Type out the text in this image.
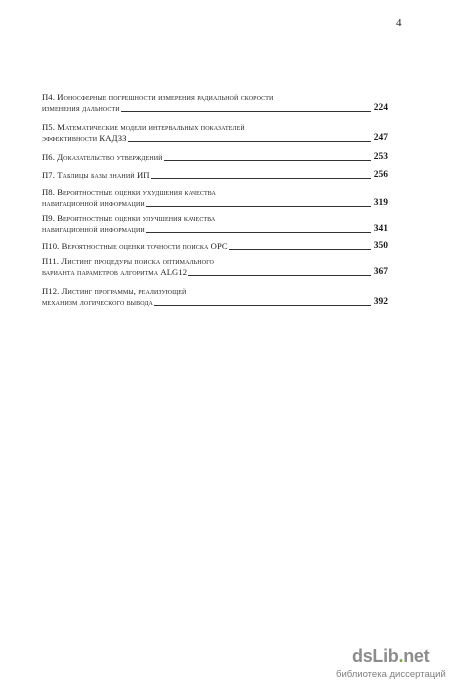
4
П4. Ионосферные погрешности измерения радиальной скорости
изменения дальности	224
П5. Математические модели интервальных показателей
эффективности КАДЗЗ	247
П6. Доказательство утверждений	253
П7. Таблицы базы знаний ИП	256
П8. Вероятностные оценки ухудшения качества
навигационной информации	319
П9. Вероятностные оценки улучшения качества
навигационной информации	341
П10. Вероятностные оценки точности поиска ОРС	350
П11. Листинг процедуры поиска оптимального
варианта параметров алгоритма ALG12	367
П12. Листинг программы, реализующей
механизм логического вывода	392
dsLib.net
библиотека диссертаций
